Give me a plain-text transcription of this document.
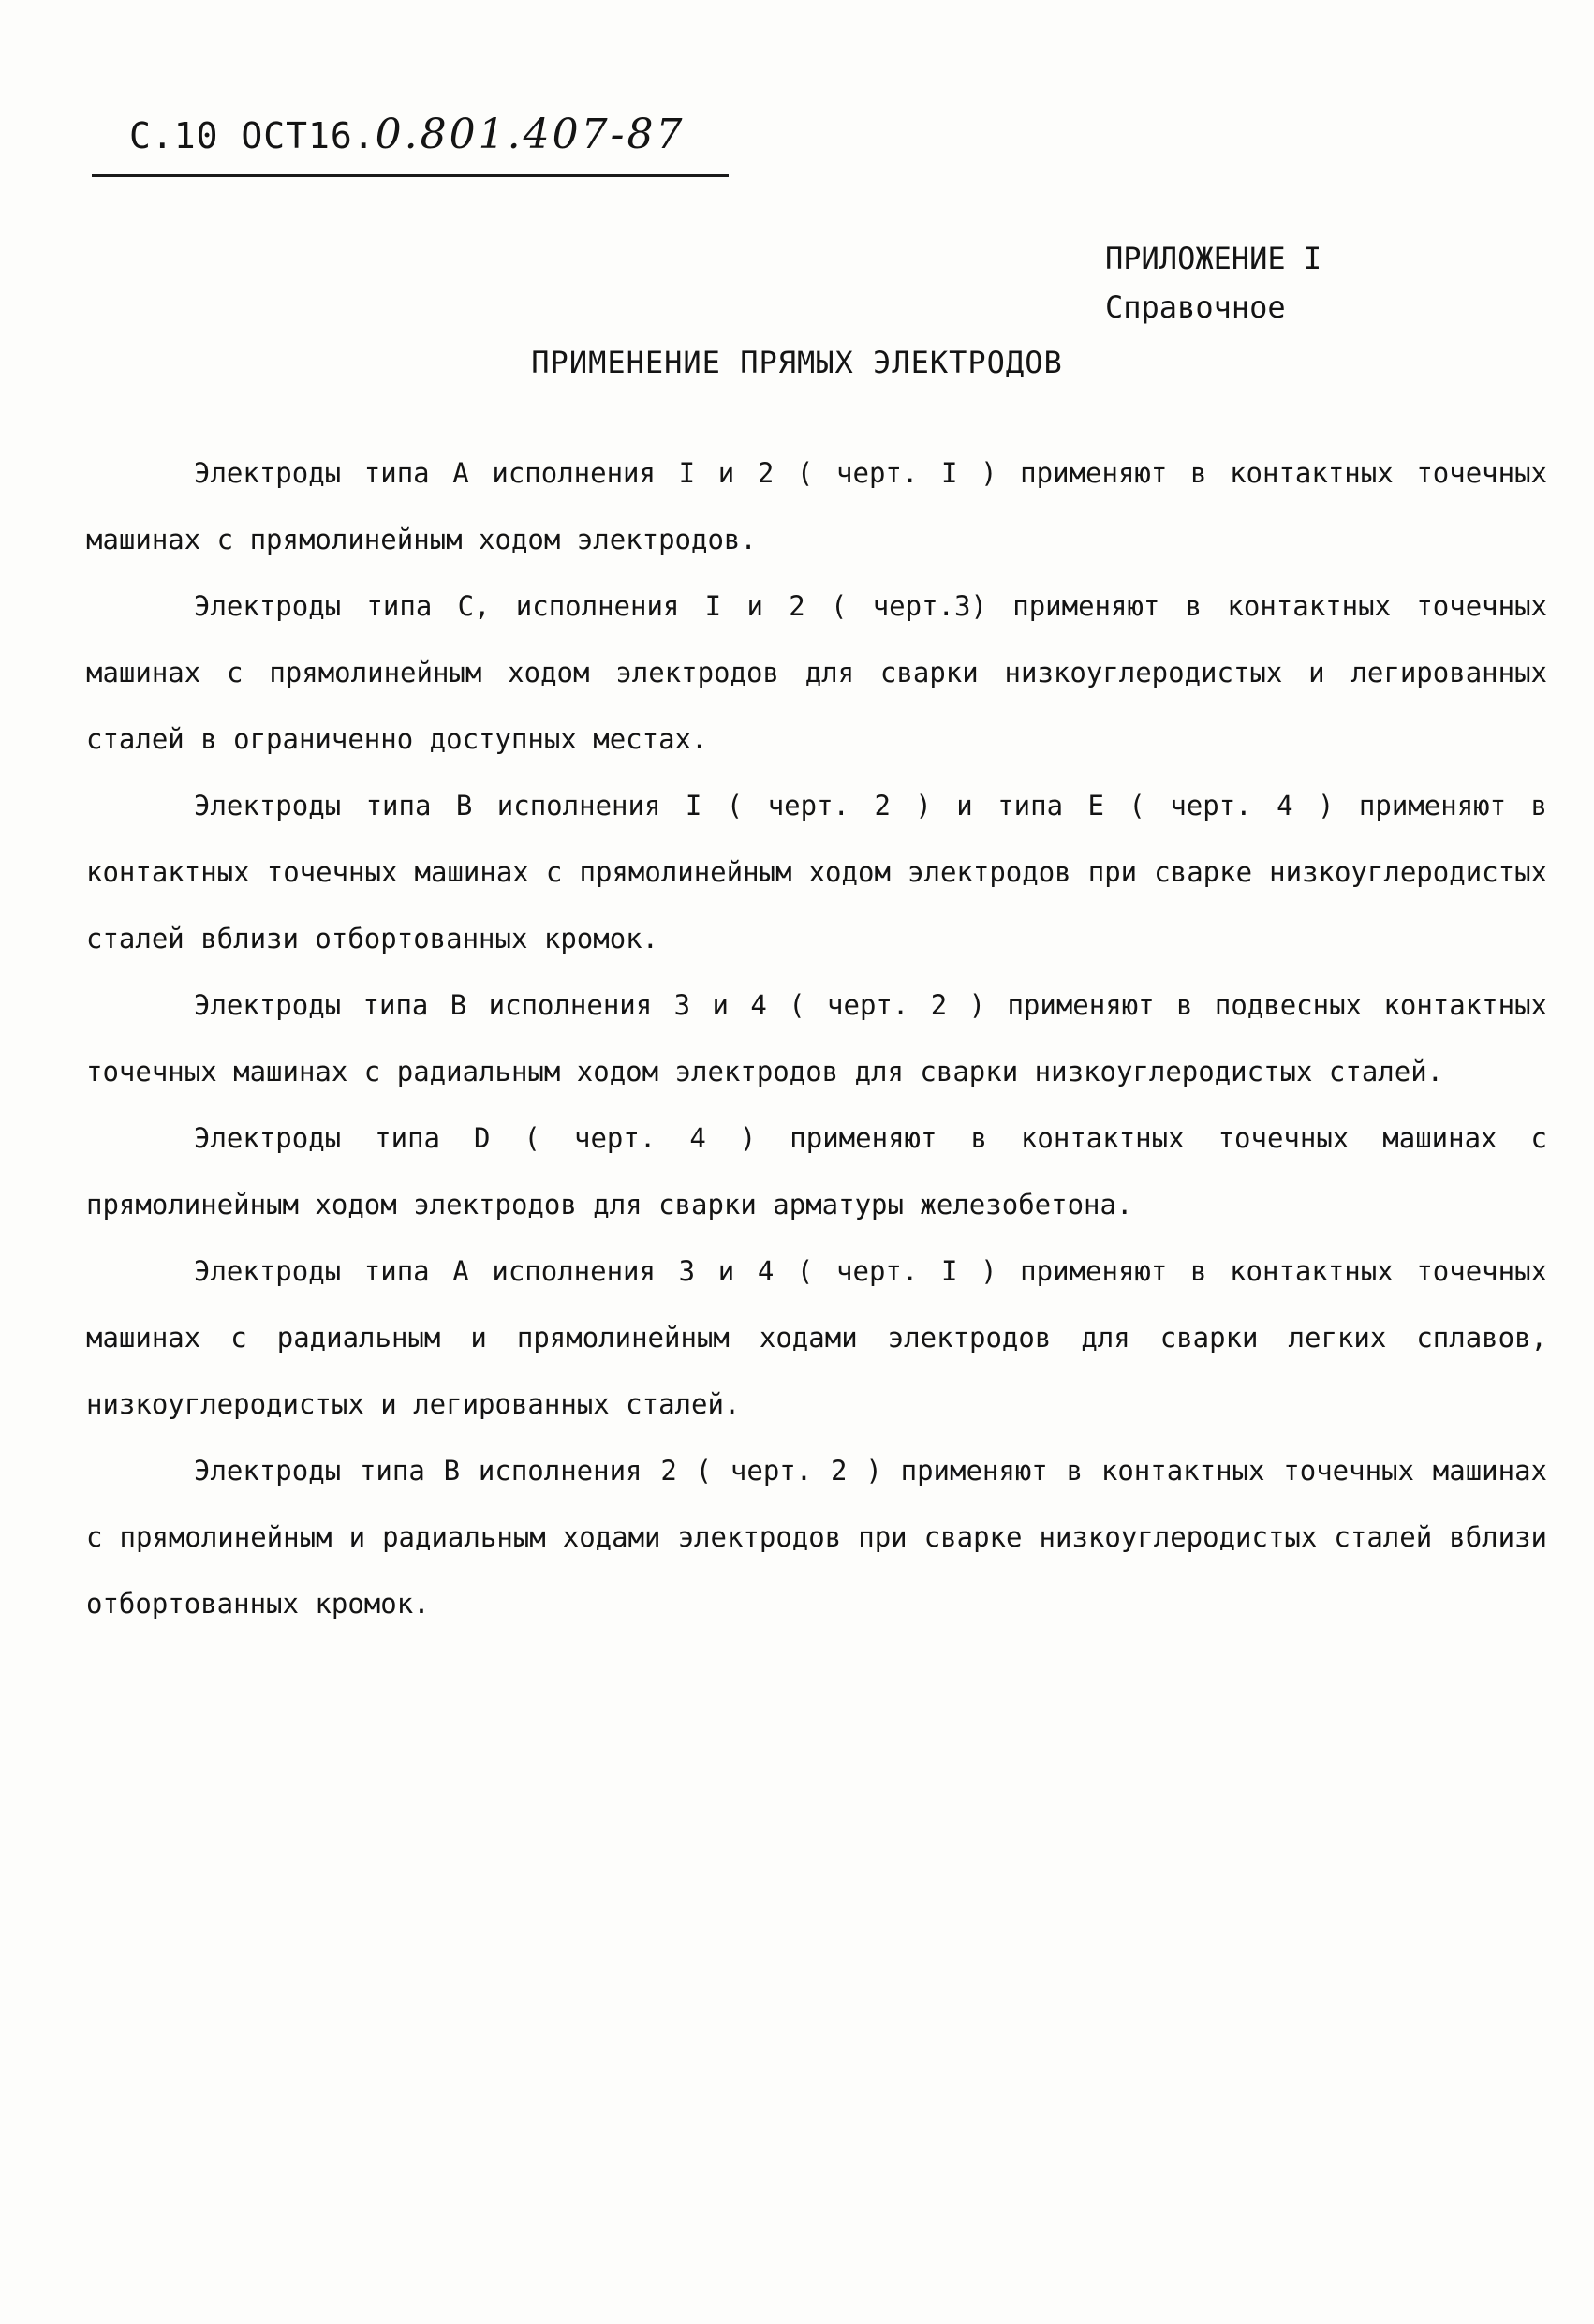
С.10 ОСТ16.0.801.407-87
ПРИЛОЖЕНИЕ I
Справочное
ПРИМЕНЕНИЕ ПРЯМЫХ ЭЛЕКТРОДОВ

Электроды типа А исполнения I и 2 ( черт. I ) применяют в контактных точечных машинах с прямолинейным ходом электродов.

Электроды типа С, исполнения I и 2 ( черт.3) применяют в контактных точечных машинах с прямолинейным ходом электродов для сварки низкоуглеродистых и легированных сталей в ограниченно доступных местах.

Электроды типа В исполнения I ( черт. 2 ) и типа Е ( черт. 4 ) применяют в контактных точечных машинах с прямолинейным ходом электродов при сварке низкоуглеродистых сталей вблизи отбортованных кромок.

Электроды типа В исполнения 3 и 4 ( черт. 2 ) применяют в подвесных контактных точечных машинах с радиальным ходом электродов для сварки низкоуглеродистых сталей.

Электроды типа D ( черт. 4 ) применяют в контактных точечных машинах с прямолинейным ходом электродов для сварки арматуры железобетона.

Электроды типа А исполнения 3 и 4 ( черт. I ) применяют в контактных точечных машинах с радиальным и прямолинейным ходами электродов для сварки легких сплавов, низкоуглеродистых и легированных сталей.

Электроды типа В исполнения 2 ( черт. 2 ) применяют в контактных точечных машинах с прямолинейным и радиальным ходами электродов при сварке низкоуглеродистых сталей вблизи отбортованных кромок.
